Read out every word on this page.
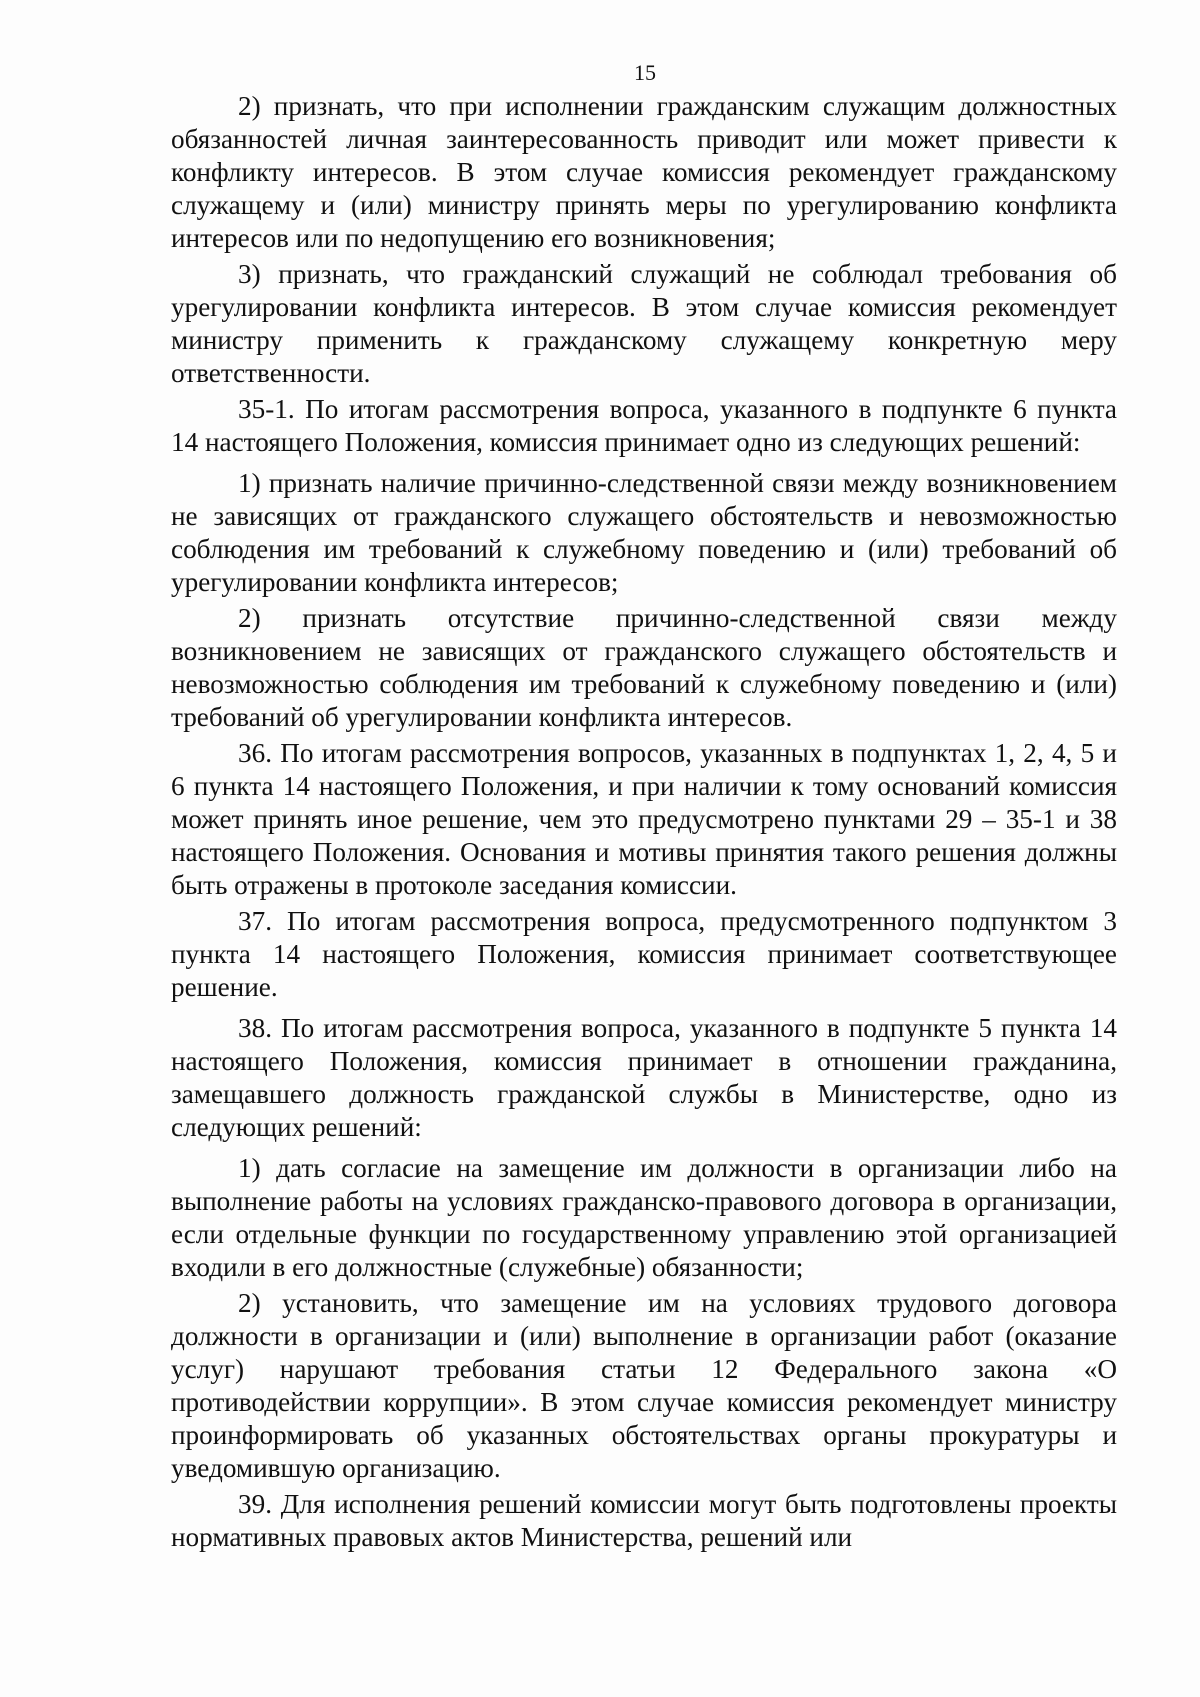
15

2) признать, что при исполнении гражданским служащим должностных обязанностей личная заинтересованность приводит или может привести к конфликту интересов. В этом случае комиссия рекомендует гражданскому служащему и (или) министру принять меры по урегулированию конфликта интересов или по недопущению его возникновения;

3) признать, что гражданский служащий не соблюдал требования об урегулировании конфликта интересов. В этом случае комиссия рекомендует министру применить к гражданскому служащему конкретную меру ответственности.

35-1. По итогам рассмотрения вопроса, указанного в подпункте 6 пункта 14 настоящего Положения, комиссия принимает одно из следующих решений:

1) признать наличие причинно-следственной связи между возникновением не зависящих от гражданского служащего обстоятельств и невозможностью соблюдения им требований к служебному поведению и (или) требований об урегулировании конфликта интересов;

2) признать отсутствие причинно-следственной связи между возникновением не зависящих от гражданского служащего обстоятельств и невозможностью соблюдения им требований к служебному поведению и (или) требований об урегулировании конфликта интересов.

36. По итогам рассмотрения вопросов, указанных в подпунктах 1, 2, 4, 5 и 6 пункта 14 настоящего Положения, и при наличии к тому оснований комиссия может принять иное решение, чем это предусмотрено пунктами 29 – 35-1 и 38 настоящего Положения. Основания и мотивы принятия такого решения должны быть отражены в протоколе заседания комиссии.

37. По итогам рассмотрения вопроса, предусмотренного подпунктом 3 пункта 14 настоящего Положения, комиссия принимает соответствующее решение.

38. По итогам рассмотрения вопроса, указанного в подпункте 5 пункта 14 настоящего Положения, комиссия принимает в отношении гражданина, замещавшего должность гражданской службы в Министерстве, одно из следующих решений:

1) дать согласие на замещение им должности в организации либо на выполнение работы на условиях гражданско-правового договора в организации, если отдельные функции по государственному управлению этой организацией входили в его должностные (служебные) обязанности;

2) установить, что замещение им на условиях трудового договора должности в организации и (или) выполнение в организации работ (оказание услуг) нарушают требования статьи 12 Федерального закона «О противодействии коррупции». В этом случае комиссия рекомендует министру проинформировать об указанных обстоятельствах органы прокуратуры и уведомившую организацию.

39. Для исполнения решений комиссии могут быть подготовлены проекты нормативных правовых актов Министерства, решений или
